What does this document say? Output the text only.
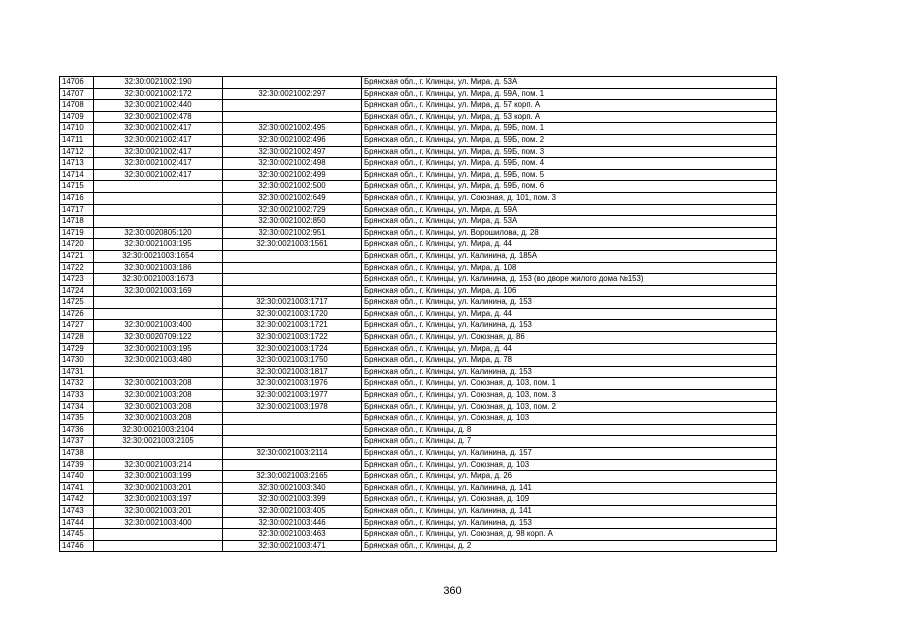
14706	32:30:0021002:190		Брянская обл., г. Клинцы, ул. Мира, д. 53А
14707	32:30:0021002:172	32:30:0021002:297	Брянская обл., г. Клинцы, ул. Мира, д. 59А, пом. 1
14708	32:30:0021002:440		Брянская обл., г. Клинцы, ул. Мира, д. 57 корп. А
14709	32:30:0021002:478		Брянская обл., г. Клинцы, ул. Мира, д. 53 корп. А
14710	32:30:0021002:417	32:30:0021002:495	Брянская обл., г. Клинцы, ул. Мира, д. 59Б, пом. 1
14711	32:30:0021002:417	32:30:0021002:496	Брянская обл., г. Клинцы, ул. Мира, д. 59Б, пом. 2
14712	32:30:0021002:417	32:30:0021002:497	Брянская обл., г. Клинцы, ул. Мира, д. 59Б, пом. 3
14713	32:30:0021002:417	32:30:0021002:498	Брянская обл., г. Клинцы, ул. Мира, д. 59Б, пом. 4
14714	32:30:0021002:417	32:30:0021002:499	Брянская обл., г. Клинцы, ул. Мира, д. 59Б, пом. 5
14715		32:30:0021002:500	Брянская обл., г. Клинцы, ул. Мира, д. 59Б, пом. 6
14716		32:30:0021002:649	Брянская обл., г. Клинцы, ул. Союзная, д. 101, пом. 3
14717		32:30:0021002:729	Брянская обл., г. Клинцы, ул. Мира, д. 59А
14718		32:30:0021002:850	Брянская обл., г. Клинцы, ул. Мира, д. 53А
14719	32:30:0020805:120	32:30:0021002:951	Брянская обл., г. Клинцы, ул. Ворошилова, д. 28
14720	32:30:0021003:195	32:30:0021003:1561	Брянская обл., г. Клинцы, ул. Мира, д. 44
14721	32:30:0021003:1654		Брянская обл., г. Клинцы, ул. Калинина, д. 185А
14722	32:30:0021003:186		Брянская обл., г. Клинцы, ул. Мира, д. 108
14723	32:30:0021003:1673		Брянская обл., г. Клинцы, ул. Калинина, д. 153 (во дворе жилого дома №153)
14724	32:30:0021003:169		Брянская обл., г. Клинцы, ул. Мира, д. 106
14725		32:30:0021003:1717	Брянская обл., г. Клинцы, ул. Калинина, д. 153
14726		32:30:0021003:1720	Брянская обл., г. Клинцы, ул. Мира, д. 44
14727	32:30:0021003:400	32:30:0021003:1721	Брянская обл., г. Клинцы, ул. Калинина, д. 153
14728	32:30:0020709:122	32:30:0021003:1722	Брянская обл., г. Клинцы, ул. Союзная, д. 86
14729	32:30:0021003:195	32:30:0021003:1724	Брянская обл., г. Клинцы, ул. Мира, д. 44
14730	32:30:0021003:480	32:30:0021003:1750	Брянская обл., г. Клинцы, ул. Мира, д. 78
14731		32:30:0021003:1817	Брянская обл., г. Клинцы, ул. Калинина, д. 153
14732	32:30:0021003:208	32:30:0021003:1976	Брянская обл., г. Клинцы, ул. Союзная, д. 103, пом. 1
14733	32:30:0021003:208	32:30:0021003:1977	Брянская обл., г. Клинцы, ул. Союзная, д. 103, пом. 3
14734	32:30:0021003:208	32:30:0021003:1978	Брянская обл., г. Клинцы, ул. Союзная, д. 103, пом. 2
14735	32:30:0021003:208		Брянская обл., г. Клинцы, ул. Союзная, д. 103
14736	32:30:0021003:2104		Брянская обл., г. Клинцы, д. 8
14737	32:30:0021003:2105		Брянская обл., г. Клинцы, д. 7
14738		32:30:0021003:2114	Брянская обл., г. Клинцы, ул. Калинина, д. 157
14739	32:30:0021003:214		Брянская обл., г. Клинцы, ул. Союзная, д. 103
14740	32:30:0021003:199	32:30:0021003:2165	Брянская обл., г. Клинцы, ул. Мира, д. 26
14741	32:30:0021003:201	32:30:0021003:340	Брянская обл., г. Клинцы, ул. Калинина, д. 141
14742	32:30:0021003:197	32:30:0021003:399	Брянская обл., г. Клинцы, ул. Союзная, д. 109
14743	32:30:0021003:201	32:30:0021003:405	Брянская обл., г. Клинцы, ул. Калинина, д. 141
14744	32:30:0021003:400	32:30:0021003:446	Брянская обл., г. Клинцы, ул. Калинина, д. 153
14745		32:30:0021003:463	Брянская обл., г. Клинцы, ул. Союзная, д. 98 корп. А
14746		32:30:0021003:471	Брянская обл., г. Клинцы, д. 2
360
